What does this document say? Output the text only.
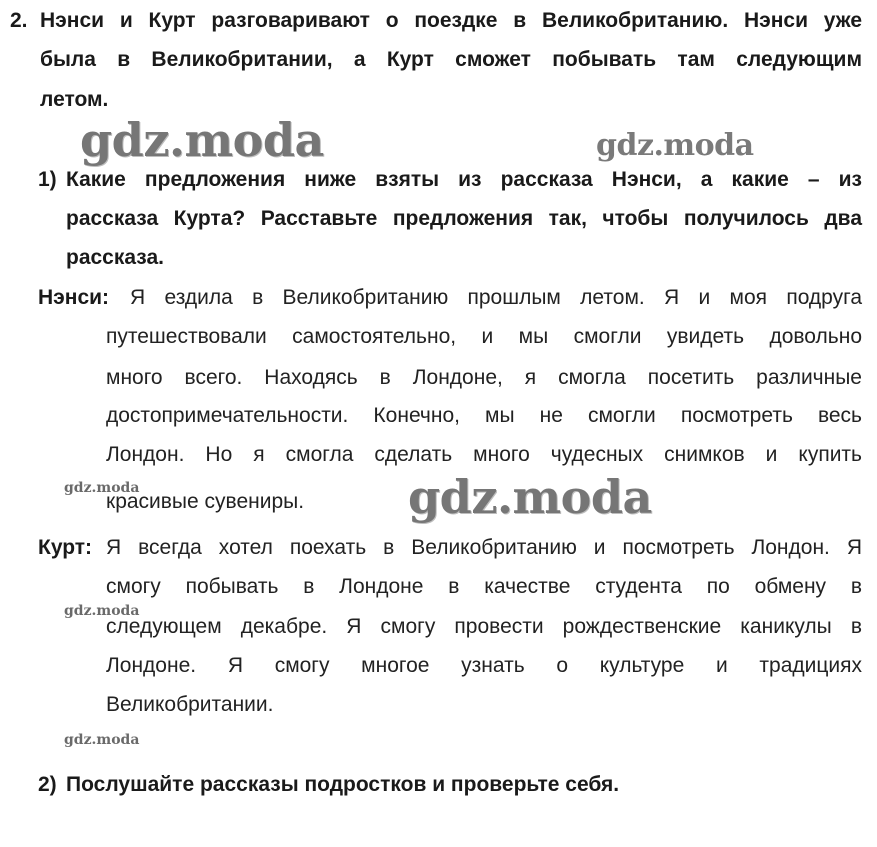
2. Нэнси и Курт разговаривают о поездке в Великобританию. Нэнси уже
была в Великобритании, а Курт сможет побывать там следующим
летом.
1) Какие предложения ниже взяты из рассказа Нэнси, а какие – из
рассказа Курта? Расставьте предложения так, чтобы получилось два
рассказа.
Нэнси: Я ездила в Великобританию прошлым летом. Я и моя подруга
путешествовали самостоятельно, и мы смогли увидеть довольно
много всего. Находясь в Лондоне, я смогла посетить различные
достопримечательности. Конечно, мы не смогли посмотреть весь
Лондон. Но я смогла сделать много чудесных снимков и купить
красивые сувениры.
Курт: Я всегда хотел поехать в Великобританию и посмотреть Лондон. Я
смогу побывать в Лондоне в качестве студента по обмену в
следующем декабре. Я смогу провести рождественские каникулы в
Лондоне. Я смогу многое узнать о культуре и традициях
Великобритании.
2) Послушайте рассказы подростков и проверьте себя.
gdz.moda	gdz.moda
gdz.moda
gdz.moda
gdz.moda
gdz.moda
